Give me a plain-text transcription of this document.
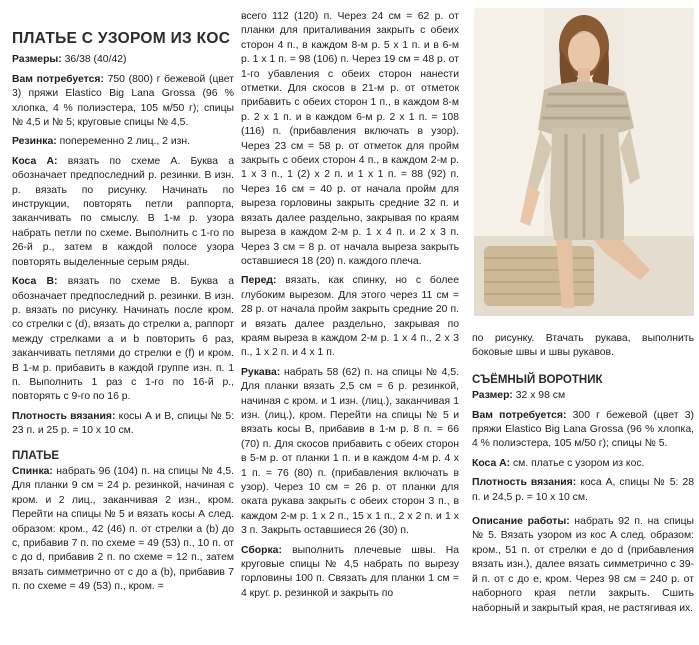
ПЛАТЬЕ С УЗОРОМ ИЗ КОС

Размеры: 36/38 (40/42)

Вам потребуется: 750 (800) г бежевой (цвет 3) пряжи Elastico Big Lana Grossa (96 % хлопка, 4 % полиэстера, 105 м/50 г); спицы № 4,5 и № 5; круговые спицы № 4,5.

Резинка: попеременно 2 лиц., 2 изн.

Коса А: вязать по схеме А. Буква а обозначает предпоследний р. резинки. В изн. р. вязать по рисунку. Начинать по инструкции, повторять петли раппорта, заканчивать по смыслу. В 1-м р. узора набрать петли по схеме. Выполнить с 1-го по 26-й р., затем в каждой полосе узора повторять выделенные серым ряды.

Коса В: вязать по схеме В. Буква а обозначает предпоследний р. резинки. В изн. р. вязать по рисунку. Начинать после кром. со стрелки с (d), вязать до стрелки а, раппорт между стрелками а и b повторить 6 раз, заканчивать петлями до стрелки е (f) и кром. В 1-м р. прибавить в каждой группе изн. п. 1 п. Выполнить 1 раз с 1-го по 16-й р., повторять с 9-го по 16 р.

Плотность вязания: косы А и В, спицы № 5: 23 п. и 25 р. = 10 х 10 см.

ПЛАТЬЕ

Спинка: набрать 96 (104) п. на спицы № 4,5. Для планки 9 см = 24 р. резинкой, начиная с кром. и 2 лиц., заканчивая 2 изн., кром. Перейти на спицы № 5 и вязать косы А след. образом: кром., 42 (46) п. от стрелки a (b) до с, прибавив 7 п. по схеме = 49 (53) п., 10 п. от с до d, прибавив 2 п. по схеме = 12 п., затем вязать симметрично от с до а (b), прибавив 7 п. по схеме = 49 (53) п., кром. =

всего 112 (120) п. Через 24 см = 62 р. от планки для приталивания закрыть с обеих сторон 4 п., в каждом 8-м р. 5 х 1 п. и в 6-м р. 1 х 1 п. = 98 (106) п. Через 19 см = 48 р. от 1-го убавления с обеих сторон нанести отметки. Для скосов в 21-м р. от отметок прибавить с обеих сторон 1 п., в каждом 8-м р. 2 х 1 п. и в каждом 6-м р. 2 х 1 п. = 108 (116) п. (прибавления включать в узор). Через 23 см = 58 р. от отметок для пройм закрыть с обеих сторон 4 п., в каждом 2-м р. 1 х 3 п., 1 (2) х 2 п. и 1 х 1 п. = 88 (92) п. Через 16 см = 40 р. от начала пройм для выреза горловины закрыть средние 32 п. и вязать далее раздельно, закрывая по краям выреза в каждом 2-м р. 1 х 4 п. и 2 х 3 п. Через 3 см = 8 р. от начала выреза закрыть оставшиеся 18 (20) п. каждого плеча.

Перед: вязать, как спинку, но с более глубоким вырезом. Для этого через 11 см = 28 р. от начала пройм закрыть средние 20 п. и вязать далее раздельно, закрывая по краям выреза в каждом 2-м р. 1 х 4 п., 2 х 3 п., 1 х 2 п. и 4 х 1 п.

Рукава: набрать 58 (62) п. на спицы № 4,5. Для планки вязать 2,5 см = 6 р. резинкой, начиная с кром. и 1 изн. (лиц.), заканчивая 1 изн. (лиц.), кром. Перейти на спицы № 5 и вязать косы В, прибавив в 1-м р. 8 п. = 66 (70) п. Для скосов прибавить с обеих сторон в 5-м р. от планки 1 п. и в каждом 4-м р. 4 х 1 п. = 76 (80) п. (прибавления включать в узор). Через 10 см = 26 р. от планки для оката рукава закрыть с обеих сторон 3 п., в каждом 2-м р. 1 х 2 п., 15 х 1 п., 2 х 2 п. и 1 х 3 п. Закрыть оставшиеся 26 (30) п.

Сборка: выполнить плечевые швы. На круговые спицы № 4,5 набрать по вырезу горловины 100 п. Связать для планки 1 см = 4 круг. р. резинкой и закрыть по

по рисунку. Втачать рукава, выполнить боковые швы и швы рукавов.

СЪЁМНЫЙ ВОРОТНИК

Размер: 32 х 98 см

Вам потребуется: 300 г бежевой (цвет 3) пряжи Elastico Big Lana Grossa (96 % хлопка, 4 % полиэстера, 105 м/50 г); спицы № 5.

Коса А: см. платье с узором из кос.

Плотность вязания: коса А, спицы № 5: 28 п. и 24,5 р. = 10 х 10 см.

Описание работы: набрать 92 п. на спицы № 5. Вязать узором из кос А след. образом: кром., 51 п. от стрелки е до d (прибавления вязать изн.), далее вязать симметрично с 39-й п. от с до е, кром. Через 98 см = 240 р. от наборного края петли закрыть. Сшить наборный и закрытый края, не растягивая их.
